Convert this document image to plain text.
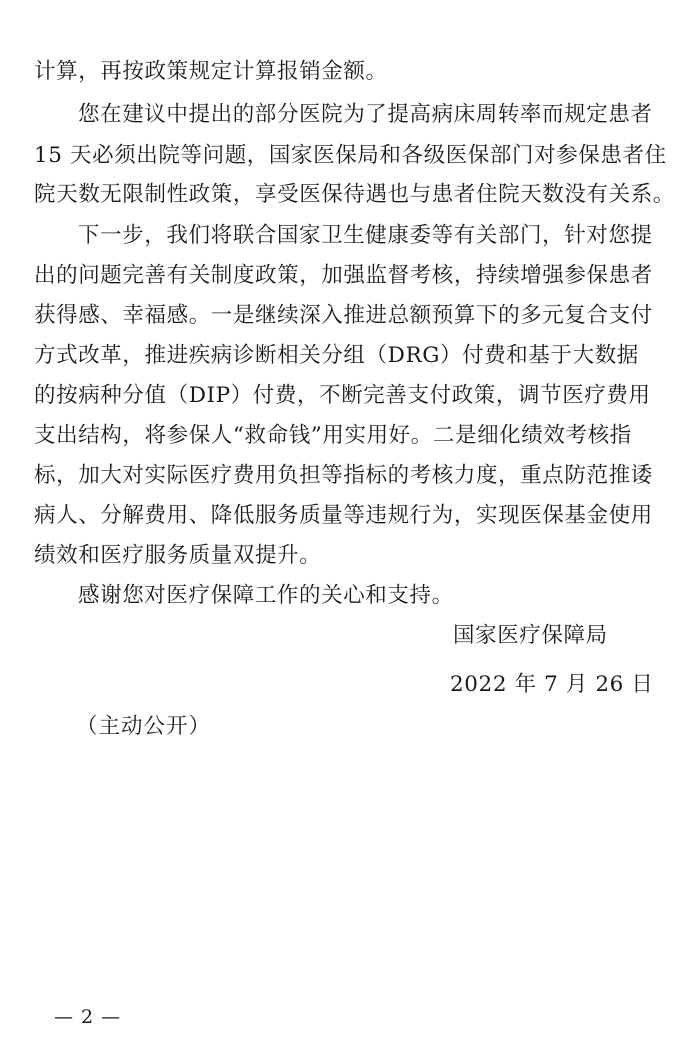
计算，再按政策规定计算报销金额。
您在建议中提出的部分医院为了提高病床周转率而规定患者
15 天必须出院等问题，国家医保局和各级医保部门对参保患者住
院天数无限制性政策，享受医保待遇也与患者住院天数没有关系。
下一步，我们将联合国家卫生健康委等有关部门，针对您提
出的问题完善有关制度政策，加强监督考核，持续增强参保患者
获得感、幸福感。一是继续深入推进总额预算下的多元复合支付
方式改革，推进疾病诊断相关分组（DRG）付费和基于大数据
的按病种分值（DIP）付费，不断完善支付政策，调节医疗费用
支出结构，将参保人“救命钱”用实用好。二是细化绩效考核指
标，加大对实际医疗费用负担等指标的考核力度，重点防范推诿
病人、分解费用、降低服务质量等违规行为，实现医保基金使用
绩效和医疗服务质量双提升。
感谢您对医疗保障工作的关心和支持。
国家医疗保障局
2022 年 7 月 26 日
（主动公开）
— 2 —
